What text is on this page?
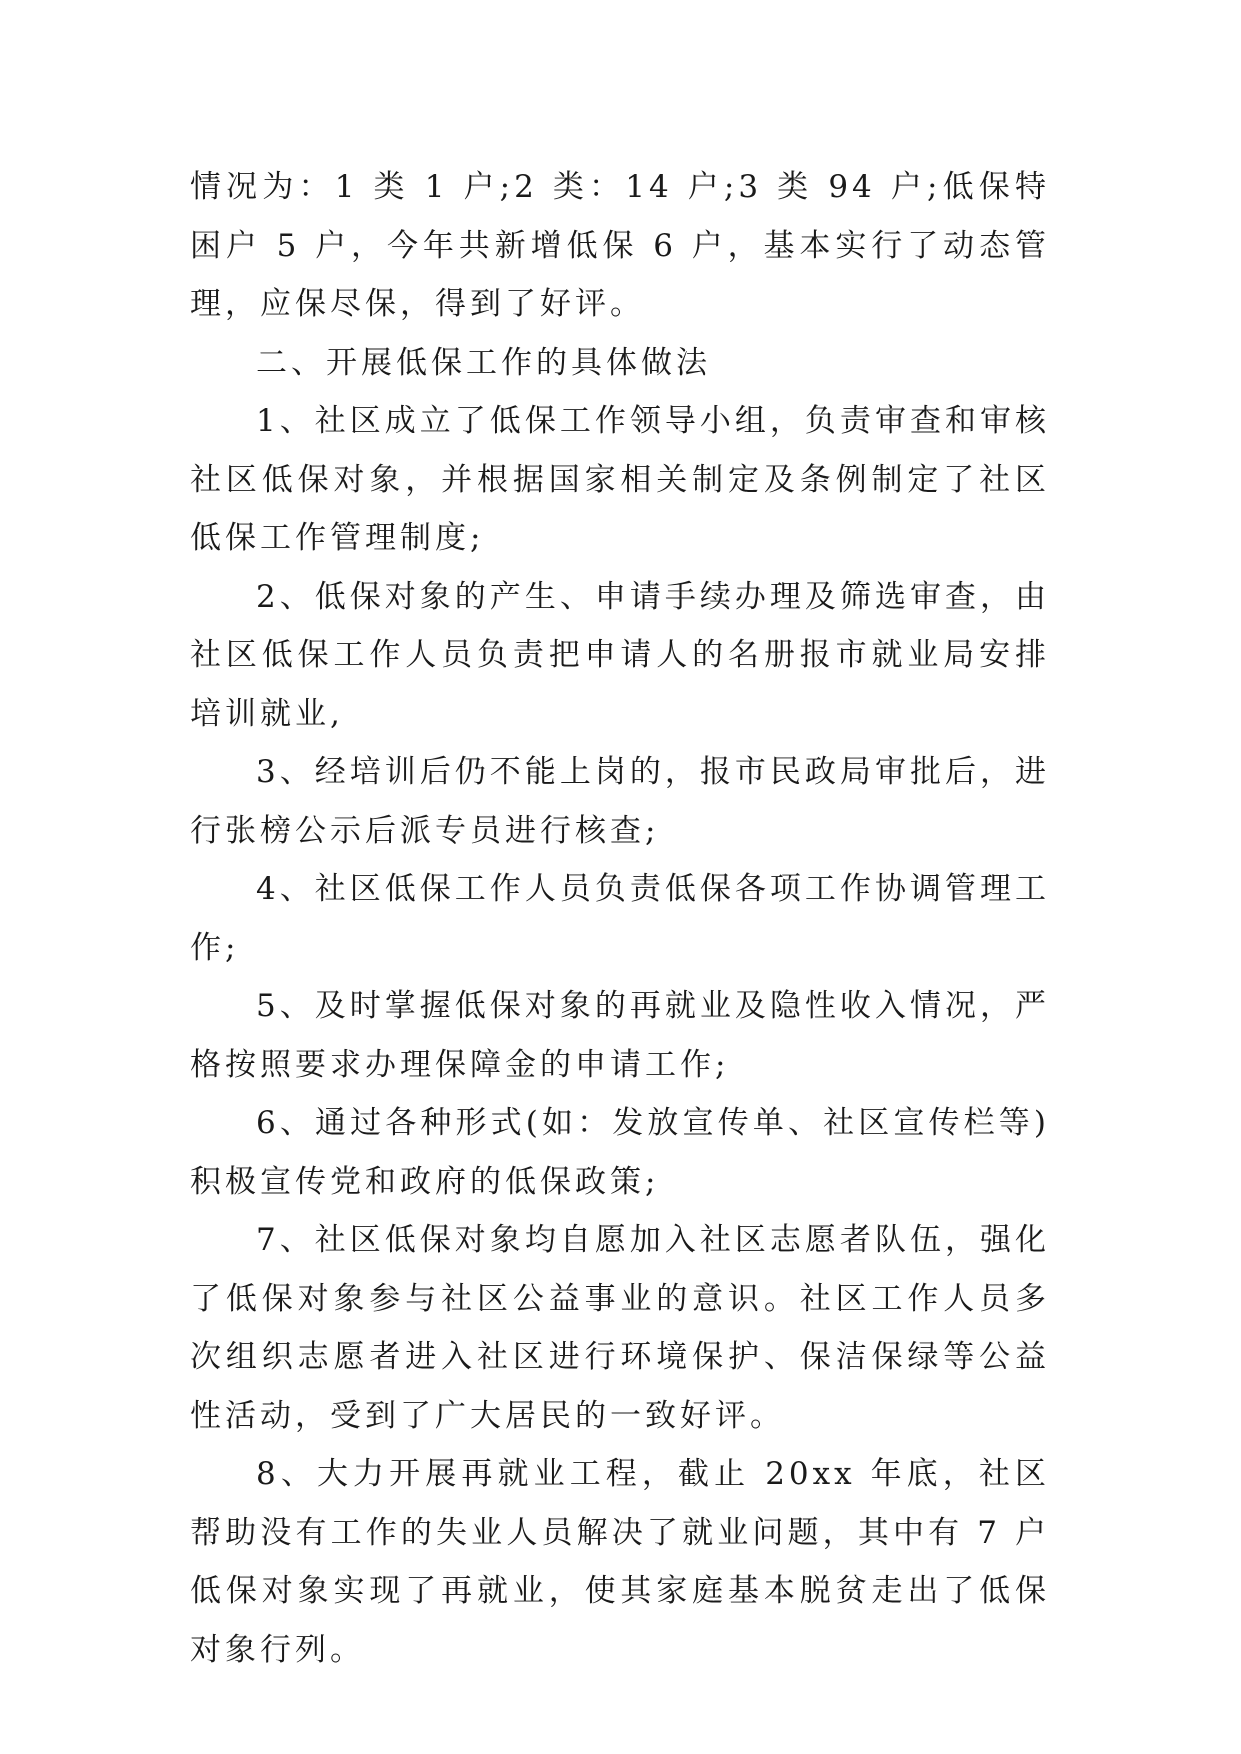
情况为：1 类 1 户;2 类：14 户;3 类 94 户;低保特困户 5 户，今年共新增低保 6 户，基本实行了动态管理，应保尽保，得到了好评。

二、开展低保工作的具体做法

1、社区成立了低保工作领导小组，负责审查和审核社区低保对象，并根据国家相关制定及条例制定了社区低保工作管理制度;

2、低保对象的产生、申请手续办理及筛选审查，由社区低保工作人员负责把申请人的名册报市就业局安排培训就业,

3、经培训后仍不能上岗的，报市民政局审批后，进行张榜公示后派专员进行核查;

4、社区低保工作人员负责低保各项工作协调管理工作;

5、及时掌握低保对象的再就业及隐性收入情况，严格按照要求办理保障金的申请工作;

6、通过各种形式(如：发放宣传单、社区宣传栏等)积极宣传党和政府的低保政策;

7、社区低保对象均自愿加入社区志愿者队伍，强化了低保对象参与社区公益事业的意识。社区工作人员多次组织志愿者进入社区进行环境保护、保洁保绿等公益性活动，受到了广大居民的一致好评。

8、大力开展再就业工程，截止 20xx 年底，社区帮助没有工作的失业人员解决了就业问题，其中有 7 户低保对象实现了再就业，使其家庭基本脱贫走出了低保对象行列。
